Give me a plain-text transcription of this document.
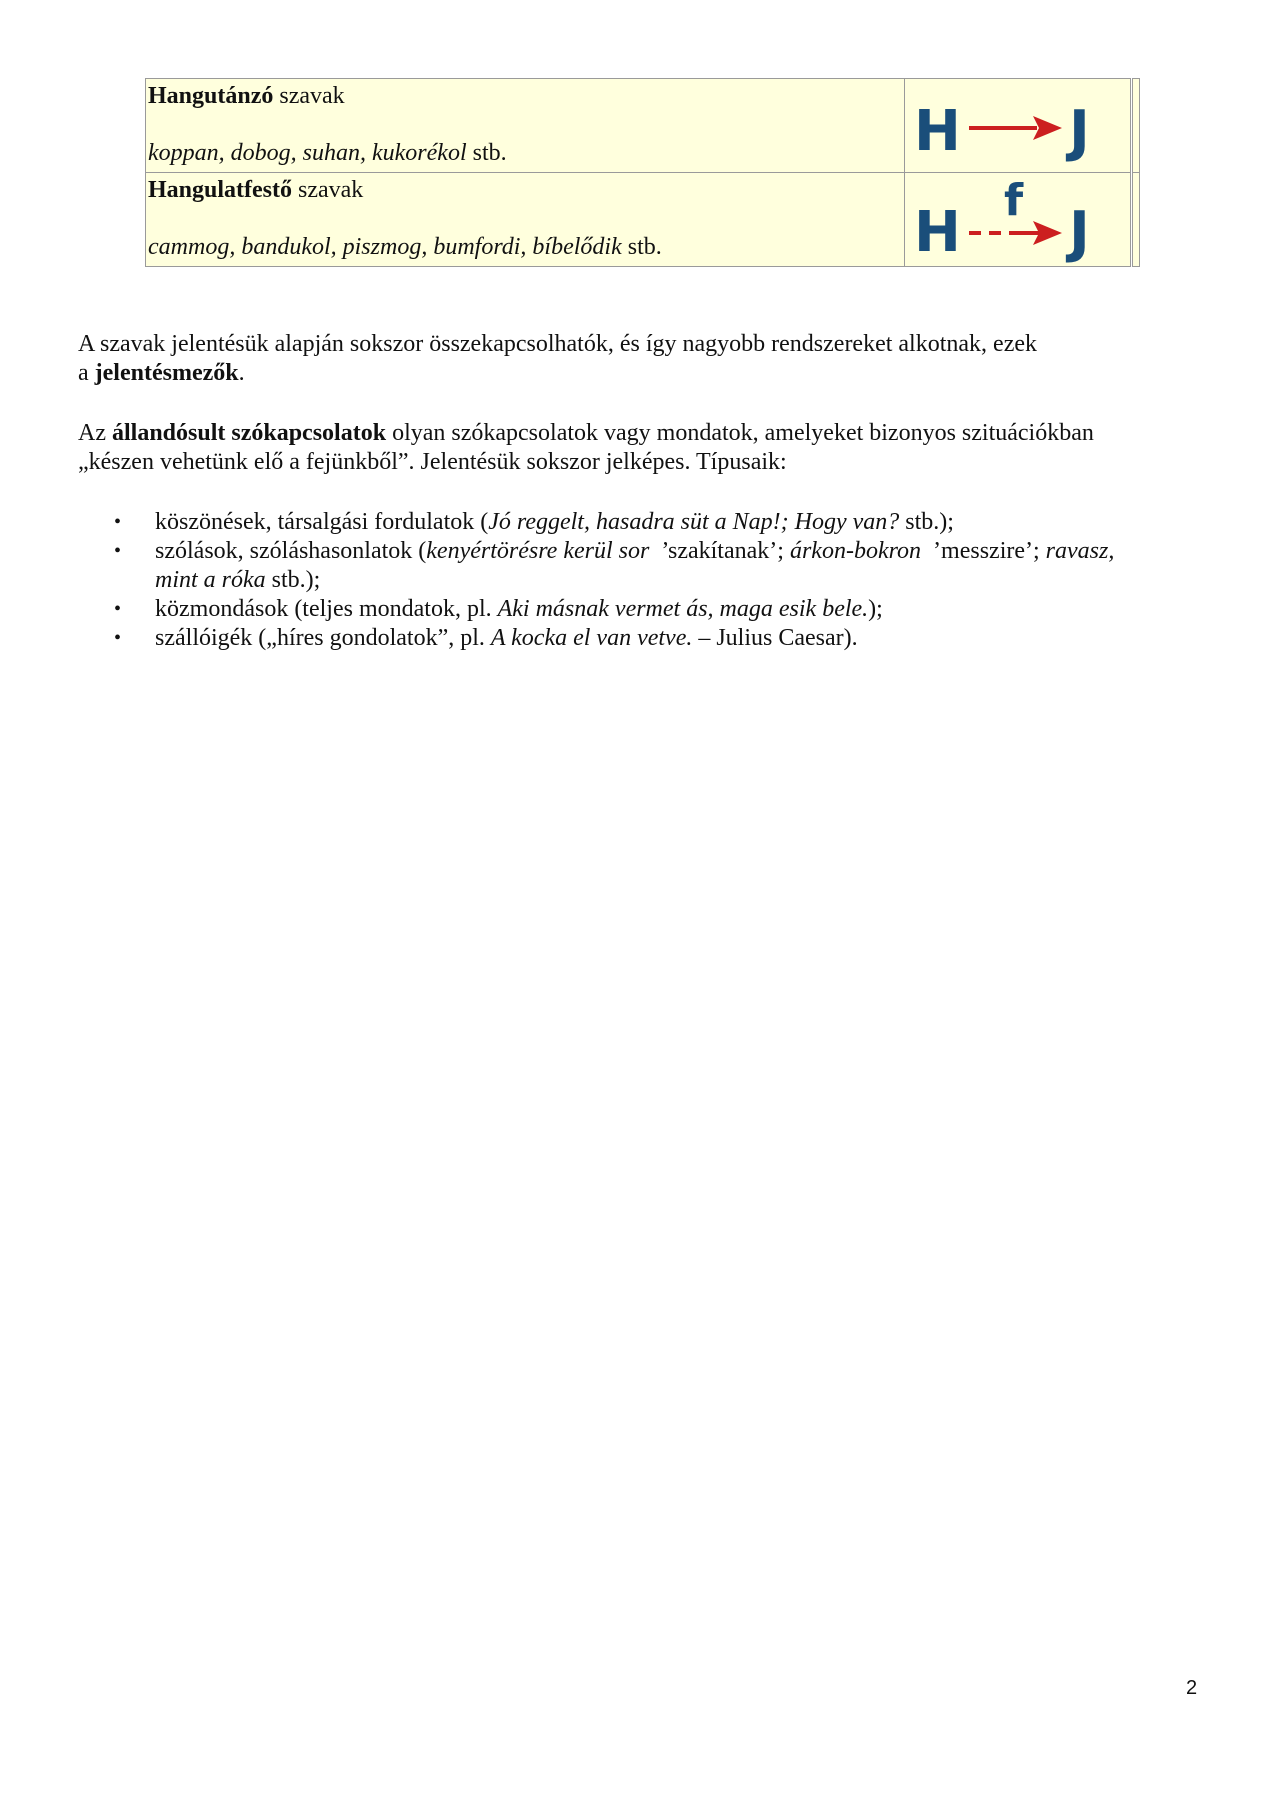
Hangutánzó szavak
koppan, dobog, suhan, kukorékol stb.	H J	

Hangulatfestő szavak
cammog, bandukol, piszmog, bumfordi, bíbelődik stb.	H f J	

A szavak jelentésük alapján sokszor összekapcsolhatók, és így nagyobb rendszereket alkotnak, ezek
a jelentésmezők.

Az állandósult szókapcsolatok olyan szókapcsolatok vagy mondatok, amelyeket bizonyos szituációkban
„készen vehetünk elő a fejünkből”. Jelentésük sokszor jelképes. Típusaik:

• köszönések, társalgási fordulatok (Jó reggelt, hasadra süt a Nap!; Hogy van? stb.);
• szólások, szóláshasonlatok (kenyértörésre kerül sor  ’szakítanak’; árkon-bokron  ’messzire’; ravasz,
mint a róka stb.);
• közmondások (teljes mondatok, pl. Aki másnak vermet ás, maga esik bele.);
• szállóigék („híres gondolatok”, pl. A kocka el van vetve. – Julius Caesar).
2
